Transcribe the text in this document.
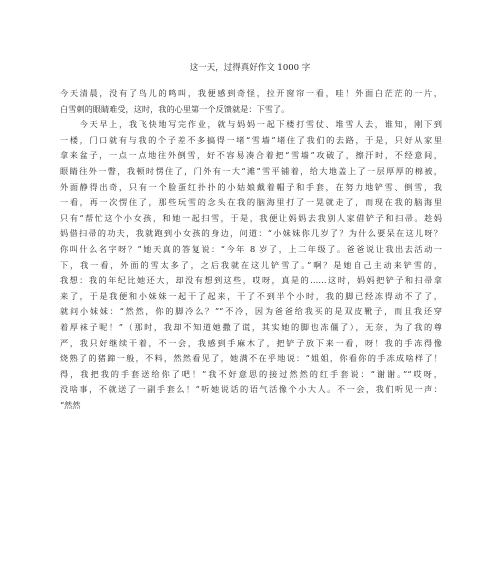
这一天，过得真好作文 1000 字
今天清晨，没有了鸟儿的鸣叫，我便感到奇怪，拉开窗帘一看，哇！外面白茫茫的一片，
白雪刺的眼睛难受，这时，我的心里第一个反馈就是：下雪了。
　　今天早上，我飞快地写完作业，就与妈妈一起下楼打雪仗、堆雪人去，谁知，刚下到
一楼，门口就有与我的个子差不多搞得一堵“雪墙”堵住了我们的去路，于是，只好从家里
拿来盆子，一点一点地往外倒雪，好不容易凑合着把“雪墙”攻破了，擦汗时，不经意间，
眼睛往外一瞥，我顿时愣住了，门外有一大“滩”雪平铺着，给大地盖上了一层厚厚的棉被，
外面静得出奇，只有一个脸蛋红扑扑的小姑娘戴着帽子和手套，在努力地铲雪、倒雪，我
一看，再一次愣住了，那些玩雪的念头在我的脑海里打了一晃就走了，而现在我的脑海里
只有“帮忙这个小女孩，和她一起扫雪，于是，我便让妈妈去我别人家借铲子和扫帚。趁妈
妈借扫帚的功夫，我就跑到小女孩的身边，问道：“小妹妹你几岁了？为什么要呆在这儿呀？
你叫什么名字呀？”她天真的答复说：“今年 8 岁了，上二年级了。爸爸说让我出去活动一
下，我一看，外面的雪太多了，之后我就在这儿铲雪了。”啊？是她自己主动来铲雪的，
我想：我的年纪比她还大，却没有想到这些，哎呀，真是的……这时，妈妈把铲子和扫帚拿
来了，于是我便和小妹妹一起干了起来，干了不到半个小时，我的脚已经冻得动不了了，
就问小妹妹：“然然，你的脚冷么？”“不冷，因为爸爸给我买的是双皮靴子，而且我还穿
着厚袜子呢！”（那时，我却不知道她撒了谎，其实她的脚也冻僵了），无奈，为了我的尊
严，我只好继续干着，不一会，我感到手麻木了，把铲子放下来一看，呀！我的手冻得像
烧熟了的猪蹄一般，不料，然然看见了，她满不在乎地说：“姐姐，你看你的手冻成啥样了！
得，我把我的手套送给你了吧！”我不好意思的接过然然的红手套说：“谢谢。”“哎呀，
没啥事，不就送了一副手套么！”听她说话的语气活像个小大人。不一会，我们听见一声：
“然然
